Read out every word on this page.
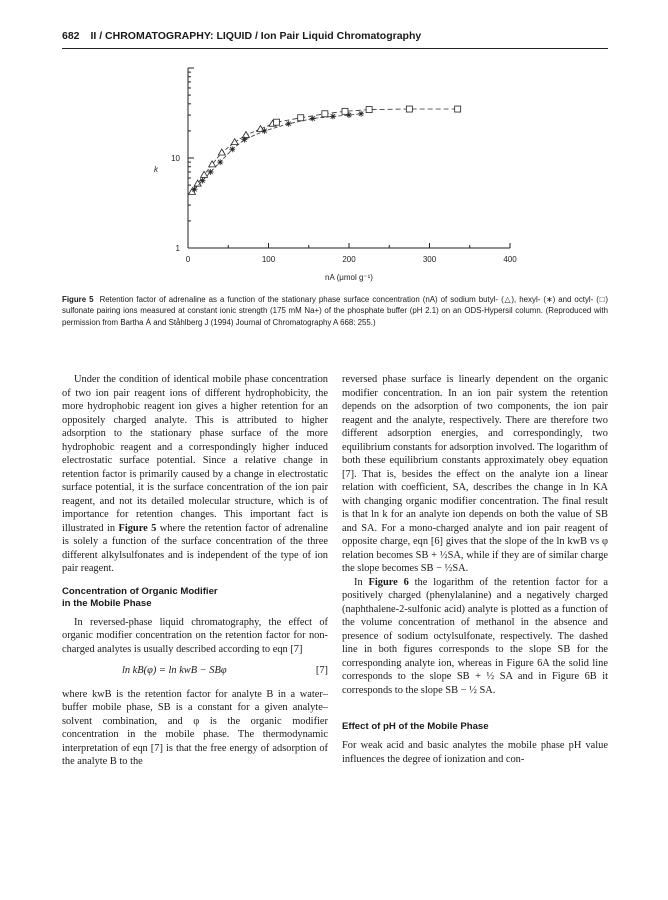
682 II / CHROMATOGRAPHY: LIQUID / Ion Pair Liquid Chromatography
0	100	200	300	400
1
10
k
nA (μmol g⁻¹)
Figure 5 Retention factor of adrenaline as a function of the stationary phase surface concentration (nA) of sodium butyl- (△), hexyl- (∗) and octyl- (□) sulfonate pairing ions measured at constant ionic strength (175 mM Na+) of the phosphate buffer (pH 2.1) on an ODS-Hypersil column. (Reproduced with permission from Bartha Á and Ståhlberg J (1994) Journal of Chromatography A 668: 255.)

Under the condition of identical mobile phase concentration of two ion pair reagent ions of different hydrophobicity, the more hydrophobic reagent ion gives a higher retention for an oppositely charged analyte. This is attributed to higher adsorption to the stationary phase surface of the more hydrophobic reagent and a correspondingly higher induced electrostatic surface potential. Since a relative change in retention factor is primarily caused by a change in electrostatic surface potential, it is the surface concentration of the ion pair reagent, and not its detailed molecular structure, which is of importance for retention changes. This important fact is illustrated in Figure 5 where the retention factor of adrenaline is solely a function of the surface concentration of the three different alkylsulfonates and is independent of the type of ion pair reagent.

Concentration of Organic Modifier
in the Mobile Phase

In reversed-phase liquid chromatography, the effect of organic modifier concentration on the retention factor for non-charged analytes is usually described according to eqn [7]

ln kB(φ) = ln kwB − SBφ	[7]

where kwB is the retention factor for analyte B in a water–buffer mobile phase, SB is a constant for a given analyte–solvent combination, and φ is the organic modifier concentration in the mobile phase. The thermodynamic interpretation of eqn [7] is that the free energy of adsorption of the analyte B to the

reversed phase surface is linearly dependent on the organic modifier concentration. In an ion pair system the retention depends on the adsorption of two components, the ion pair reagent and the analyte, respectively. There are therefore two different adsorption energies, and correspondingly, two equilibrium constants for adsorption involved. The logarithm of both these equilibrium constants approximately obey equation [7]. That is, besides the effect on the analyte ion a linear relation with coefficient, SA, describes the change in ln KA with changing organic modifier concentration. The final result is that ln k for an analyte ion depends on both the value of SB and SA. For a mono-charged analyte and ion pair reagent of opposite charge, eqn [6] gives that the slope of the ln kwB vs φ relation becomes SB + ½SA, while if they are of similar charge the slope becomes SB − ½SA.

In Figure 6 the logarithm of the retention factor for a positively charged (phenylalanine) and a negatively charged (naphthalene-2-sulfonic acid) analyte is plotted as a function of the volume concentration of methanol in the absence and presence of sodium octylsulfonate, respectively. The dashed line in both figures corresponds to the slope SB for the corresponding analyte ion, whereas in Figure 6A the solid line corresponds to the slope SB + ½ SA and in Figure 6B it corresponds to the slope SB − ½ SA.

Effect of pH of the Mobile Phase

For weak acid and basic analytes the mobile phase pH value influences the degree of ionization and con-
